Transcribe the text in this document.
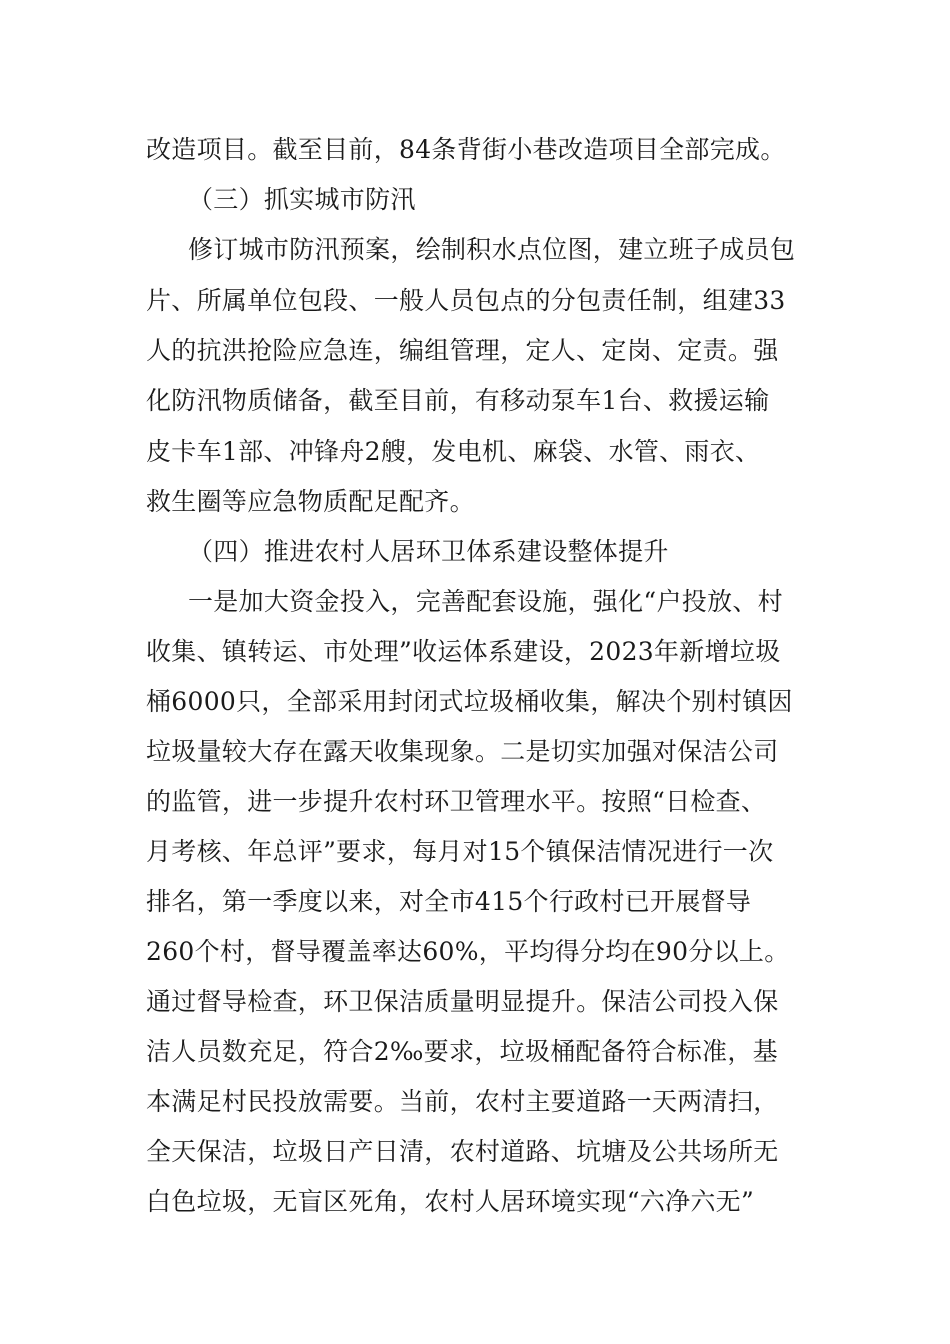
改造项目。截至目前，84条背街小巷改造项目全部完成。
（三）抓实城市防汛
修订城市防汛预案，绘制积水点位图，建立班子成员包
片、所属单位包段、一般人员包点的分包责任制，组建33
人的抗洪抢险应急连，编组管理，定人、定岗、定责。强
化防汛物质储备，截至目前，有移动泵车1台、救援运输
皮卡车1部、冲锋舟2艘，发电机、麻袋、水管、雨衣、
救生圈等应急物质配足配齐。
（四）推进农村人居环卫体系建设整体提升
一是加大资金投入，完善配套设施，强化“户投放、村
收集、镇转运、市处理”收运体系建设，2023年新增垃圾
桶6000只，全部采用封闭式垃圾桶收集，解决个别村镇因
垃圾量较大存在露天收集现象。二是切实加强对保洁公司
的监管，进一步提升农村环卫管理水平。按照“日检查、
月考核、年总评”要求，每月对15个镇保洁情况进行一次
排名，第一季度以来，对全市415个行政村已开展督导
260个村，督导覆盖率达60%，平均得分均在90分以上。
通过督导检查，环卫保洁质量明显提升。保洁公司投入保
洁人员数充足，符合2‰要求，垃圾桶配备符合标准，基
本满足村民投放需要。当前，农村主要道路一天两清扫，
全天保洁，垃圾日产日清，农村道路、坑塘及公共场所无
白色垃圾，无盲区死角，农村人居环境实现“六净六无”
